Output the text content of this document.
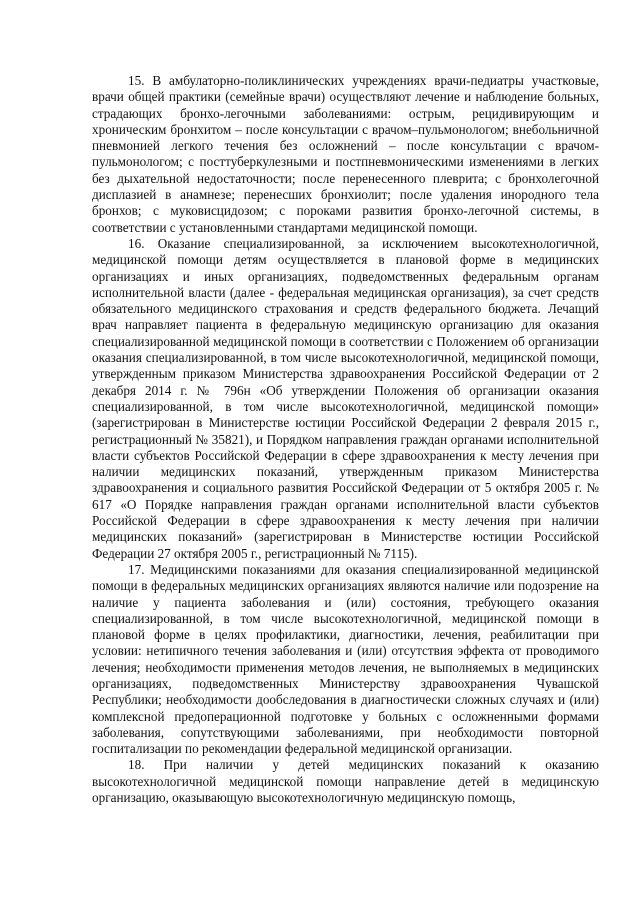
15. В амбулаторно-поликлинических учреждениях врачи-педиатры участковые, врачи общей практики (семейные врачи) осуществляют лечение и наблюдение больных, страдающих бронхо-легочными заболеваниями: острым, рецидивирующим и хроническим бронхитом – после консультации с врачом–пульмонологом; внебольничной пневмонией легкого течения без осложнений – после консультации с врачом-пульмонологом; с посттуберкулезными и постпневмоническими изменениями в легких без дыхательной недостаточности; после перенесенного плеврита; с бронхолегочной дисплазией в анамнезе; перенесших бронхиолит; после удаления инородного тела бронхов; с муковисцидозом; с пороками развития бронхо-легочной системы, в соответствии с установленными стандартами медицинской помощи.

16. Оказание специализированной, за исключением высокотехнологичной, медицинской помощи детям осуществляется в плановой форме в медицинских организациях и иных организациях, подведомственных федеральным органам исполнительной власти (далее - федеральная медицинская организация), за счет средств обязательного медицинского страхования и средств федерального бюджета. Лечащий врач направляет пациента в федеральную медицинскую организацию для оказания специализированной медицинской помощи в соответствии с Положением об организации оказания специализированной, в том числе высокотехнологичной, медицинской помощи, утвержденным приказом Министерства здравоохранения Российской Федерации от 2 декабря 2014 г. № 796н «Об утверждении Положения об организации оказания специализированной, в том числе высокотехнологичной, медицинской помощи» (зарегистрирован в Министерстве юстиции Российской Федерации 2 февраля 2015 г., регистрационный № 35821), и Порядком направления граждан органами исполнительной власти субъектов Российской Федерации в сфере здравоохранения к месту лечения при наличии медицинских показаний, утвержденным приказом Министерства здравоохранения и социального развития Российской Федерации от 5 октября 2005 г. № 617 «О Порядке направления граждан органами исполнительной власти субъектов Российской Федерации в сфере здравоохранения к месту лечения при наличии медицинских показаний» (зарегистрирован в Министерстве юстиции Российской Федерации 27 октября 2005 г., регистрационный № 7115).

17. Медицинскими показаниями для оказания специализированной медицинской помощи в федеральных медицинских организациях являются наличие или подозрение на наличие у пациента заболевания и (или) состояния, требующего оказания специализированной, в том числе высокотехнологичной, медицинской помощи в плановой форме в целях профилактики, диагностики, лечения, реабилитации при условии: нетипичного течения заболевания и (или) отсутствия эффекта от проводимого лечения; необходимости применения методов лечения, не выполняемых в медицинских организациях, подведомственных Министерству здравоохранения Чувашской Республики; необходимости дообследования в диагностически сложных случаях и (или) комплексной предоперационной подготовке у больных с осложненными формами заболевания, сопутствующими заболеваниями, при необходимости повторной госпитализации по рекомендации федеральной медицинской организации.

18. При наличии у детей медицинских показаний к оказанию высокотехнологичной медицинской помощи направление детей в медицинскую организацию, оказывающую высокотехнологичную медицинскую помощь,
